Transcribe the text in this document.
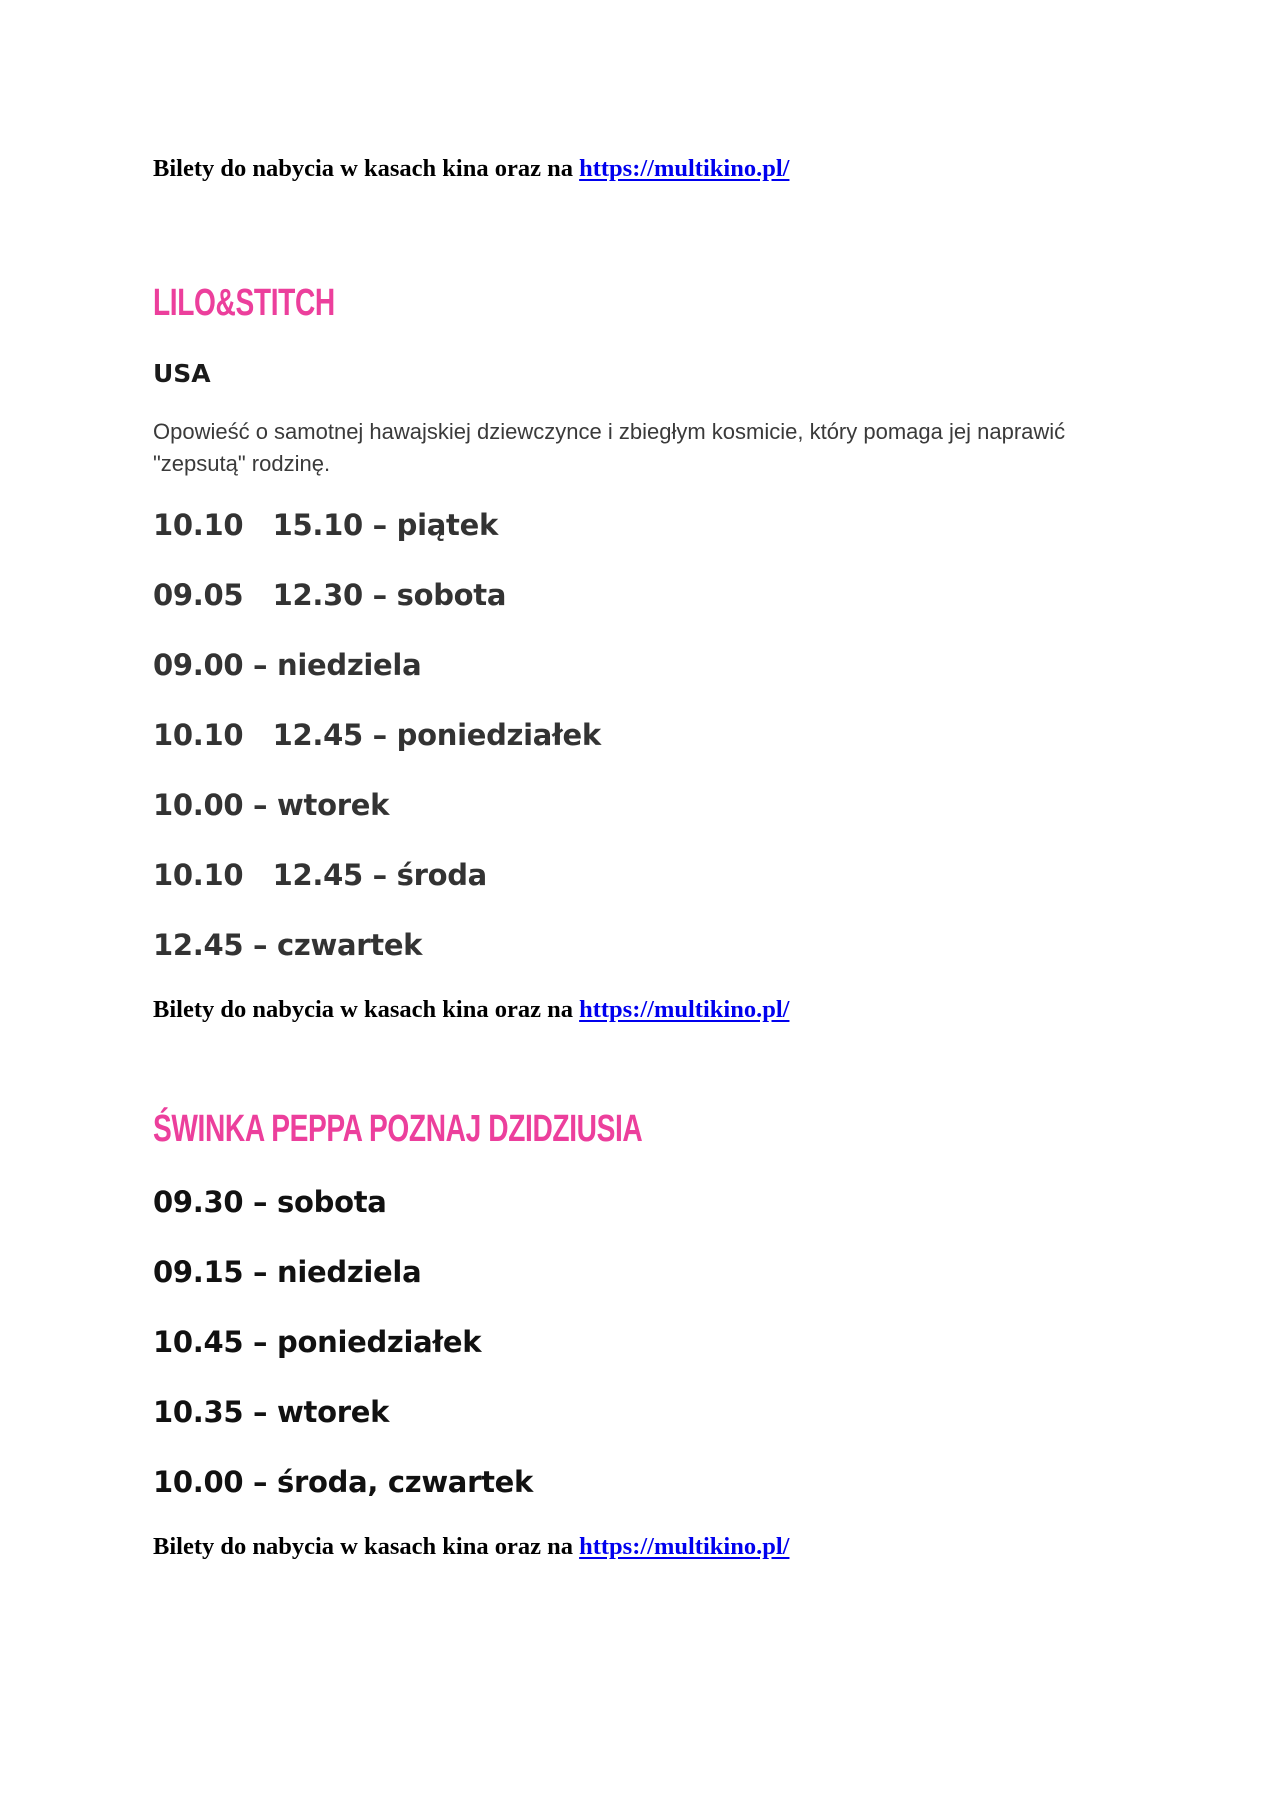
Bilety do nabycia w kasach kina oraz na https://multikino.pl/
LILO&STITCH
USA
Opowieść o samotnej hawajskiej dziewczynce i zbiegłym kosmicie, który pomaga jej naprawić "zepsutą" rodzinę.
10.10   15.10 – piątek
09.05   12.30 – sobota
09.00 – niedziela
10.10   12.45 – poniedziałek
10.00 – wtorek
10.10   12.45 – środa
12.45 – czwartek
Bilety do nabycia w kasach kina oraz na https://multikino.pl/
ŚWINKA PEPPA POZNAJ DZIDZIUSIA
09.30 – sobota
09.15 – niedziela
10.45 – poniedziałek
10.35 – wtorek
10.00 – środa, czwartek
Bilety do nabycia w kasach kina oraz na https://multikino.pl/
